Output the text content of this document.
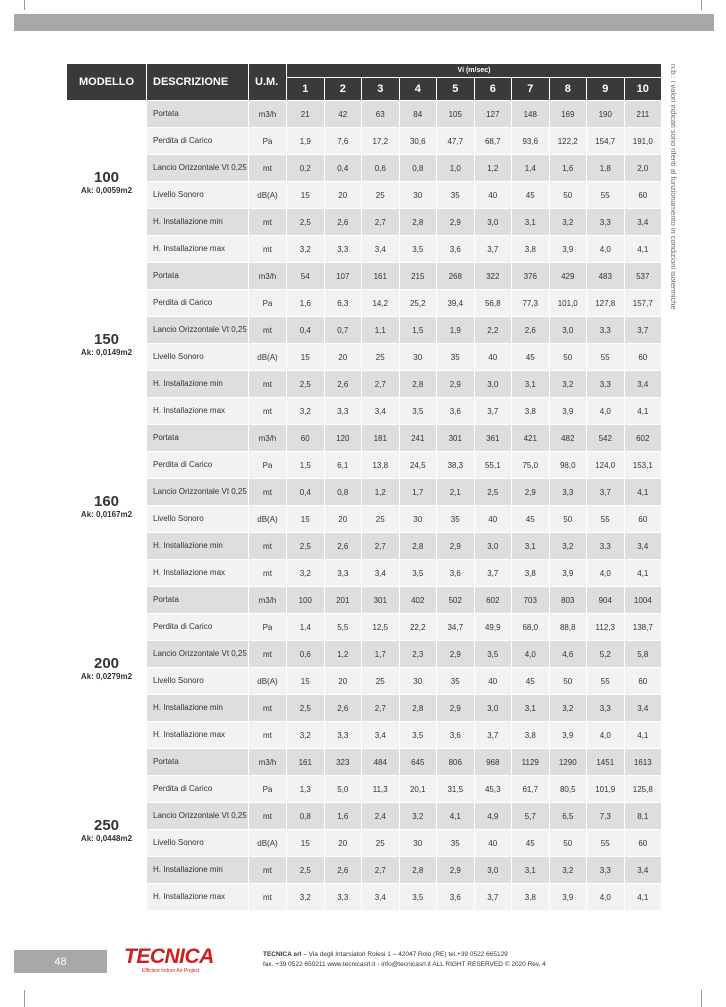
MODELLO	DESCRIZIONE	U.M.	Vi (m/sec)									
			1	2	3	4	5	6	7	8	9	10

100
Ak: 0,0059m2	Portata	m3/h	21	42	63	84	105	127	148	169	190	211
	Perdita di Carico	Pa	1,9	7,6	17,2	30,6	47,7	68,7	93,6	122,2	154,7	191,0
	Lancio Orizzontale Vt 0,25	mt	0,2	0,4	0,6	0,8	1,0	1,2	1,4	1,6	1,8	2,0
	Livello Sonoro	dB(A)	15	20	25	30	35	40	45	50	55	60
	H. Installazione min	mt	2,5	2,6	2,7	2,8	2,9	3,0	3,1	3,2	3,3	3,4
	H. Installazione max	mt	3,2	3,3	3,4	3,5	3,6	3,7	3,8	3,9	4,0	4,1

150
Ak: 0,0149m2	Portata	m3/h	54	107	161	215	268	322	376	429	483	537
	Perdita di Carico	Pa	1,6	6,3	14,2	25,2	39,4	56,8	77,3	101,0	127,8	157,7
	Lancio Orizzontale Vt 0,25	mt	0,4	0,7	1,1	1,5	1,9	2,2	2,6	3,0	3,3	3,7
	Livello Sonoro	dB(A)	15	20	25	30	35	40	45	50	55	60
	H. Installazione min	mt	2,5	2,6	2,7	2,8	2,9	3,0	3,1	3,2	3,3	3,4
	H. Installazione max	mt	3,2	3,3	3,4	3,5	3,6	3,7	3,8	3,9	4,0	4,1

160
Ak: 0,0167m2	Portata	m3/h	60	120	181	241	301	361	421	482	542	602
	Perdita di Carico	Pa	1,5	6,1	13,8	24,5	38,3	55,1	75,0	98,0	124,0	153,1
	Lancio Orizzontale Vt 0,25	mt	0,4	0,8	1,2	1,7	2,1	2,5	2,9	3,3	3,7	4,1
	Livello Sonoro	dB(A)	15	20	25	30	35	40	45	50	55	60
	H. Installazione min	mt	2,5	2,6	2,7	2,8	2,9	3,0	3,1	3,2	3,3	3,4
	H. Installazione max	mt	3,2	3,3	3,4	3,5	3,6	3,7	3,8	3,9	4,0	4,1

200
Ak: 0,0279m2	Portata	m3/h	100	201	301	402	502	602	703	803	904	1004
	Perdita di Carico	Pa	1,4	5,5	12,5	22,2	34,7	49,9	68,0	88,8	112,3	138,7
	Lancio Orizzontale Vt 0,25	mt	0,6	1,2	1,7	2,3	2,9	3,5	4,0	4,6	5,2	5,8
	Livello Sonoro	dB(A)	15	20	25	30	35	40	45	50	55	60
	H. Installazione min	mt	2,5	2,6	2,7	2,8	2,9	3,0	3,1	3,2	3,3	3,4
	H. Installazione max	mt	3,2	3,3	3,4	3,5	3,6	3,7	3,8	3,9	4,0	4,1

250
Ak: 0,0448m2	Portata	m3/h	161	323	484	645	806	968	1129	1290	1451	1613
	Perdita di Carico	Pa	1,3	5,0	11,3	20,1	31,5	45,3	61,7	80,5	101,9	125,8
	Lancio Orizzontale Vt 0,25	mt	0,8	1,6	2,4	3,2	4,1	4,9	5,7	6,5	7,3	8,1
	Livello Sonoro	dB(A)	15	20	25	30	35	40	45	50	55	60
	H. Installazione min	mt	2,5	2,6	2,7	2,8	2,9	3,0	3,1	3,2	3,3	3,4
	H. Installazione max	mt	3,2	3,3	3,4	3,5	3,6	3,7	3,8	3,9	4,0	4,1
n.b.: i valori indicati sono riferiti al funzionamento in condizioni isotermiche
48	TECNICA
Efficient Indoor Air Project
TECNICA srl – Via degli Intarsiatori Rolesi 1 – 42047 Rolo (RE) tel.+39 0522 665129
fax. +39 0522 650211 www.tecnicasrl.it - info@tecnicasrl.it ALL RIGHT RESERVED © 2020 Rev. 4
